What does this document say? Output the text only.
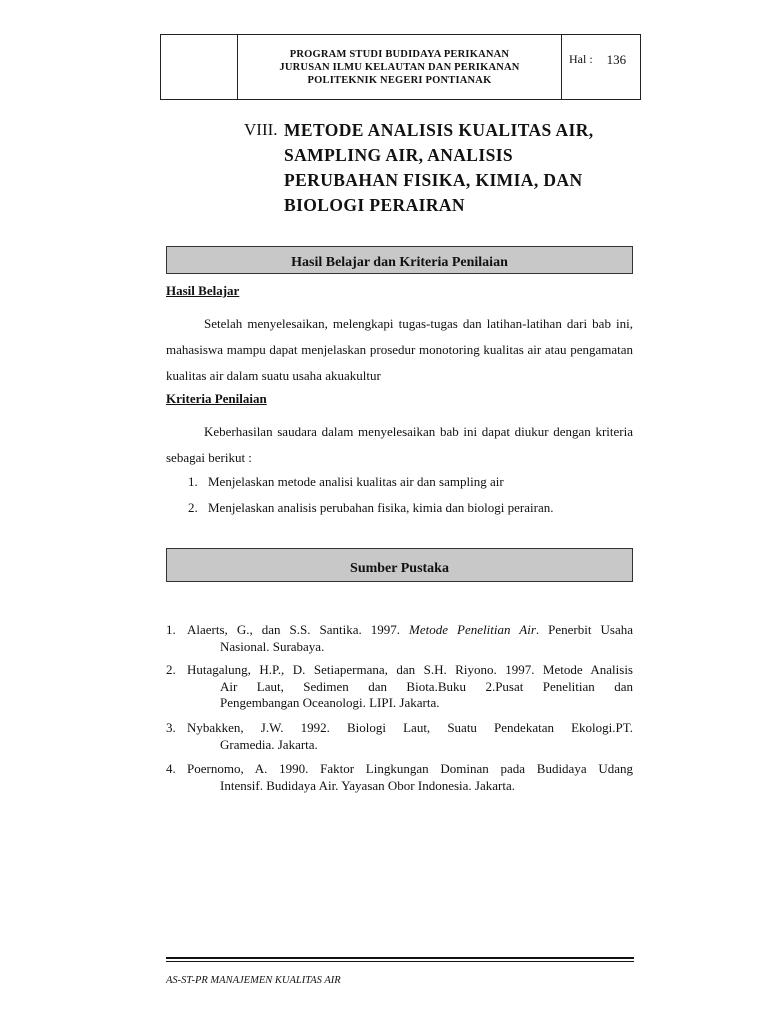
PROGRAM STUDI BUDIDAYA PERIKANAN
JURUSAN ILMU KELAUTAN DAN PERIKANAN
POLITEKNIK NEGERI PONTIANAK
Hal : 136
VIII. METODE ANALISIS KUALITAS AIR,
SAMPLING AIR, ANALISIS
PERUBAHAN FISIKA, KIMIA, DAN
BIOLOGI PERAIRAN
Hasil Belajar dan Kriteria Penilaian
Hasil Belajar
Setelah menyelesaikan, melengkapi tugas-tugas dan latihan-latihan dari bab ini, mahasiswa mampu dapat menjelaskan prosedur monotoring kualitas air atau pengamatan kualitas air dalam suatu usaha akuakultur
Kriteria Penilaian
Keberhasilan saudara dalam menyelesaikan bab ini dapat diukur dengan kriteria sebagai berikut :
1. Menjelaskan metode analisi kualitas air dan sampling air
2. Menjelaskan analisis perubahan fisika, kimia dan biologi perairan.
Sumber Pustaka
1. Alaerts, G., dan S.S. Santika. 1997. Metode Penelitian Air. Penerbit Usaha
Nasional. Surabaya.
2. Hutagalung, H.P., D. Setiapermana, dan S.H. Riyono. 1997. Metode Analisis
Air Laut, Sedimen dan Biota.Buku 2.Pusat Penelitian dan
Pengembangan Oceanologi. LIPI. Jakarta.
3. Nybakken, J.W. 1992. Biologi Laut, Suatu Pendekatan Ekologi.PT.
Gramedia. Jakarta.
4. Poernomo, A. 1990. Faktor Lingkungan Dominan pada Budidaya Udang
Intensif. Budidaya Air. Yayasan Obor Indonesia. Jakarta.
AS-ST-PR MANAJEMEN KUALITAS AIR
